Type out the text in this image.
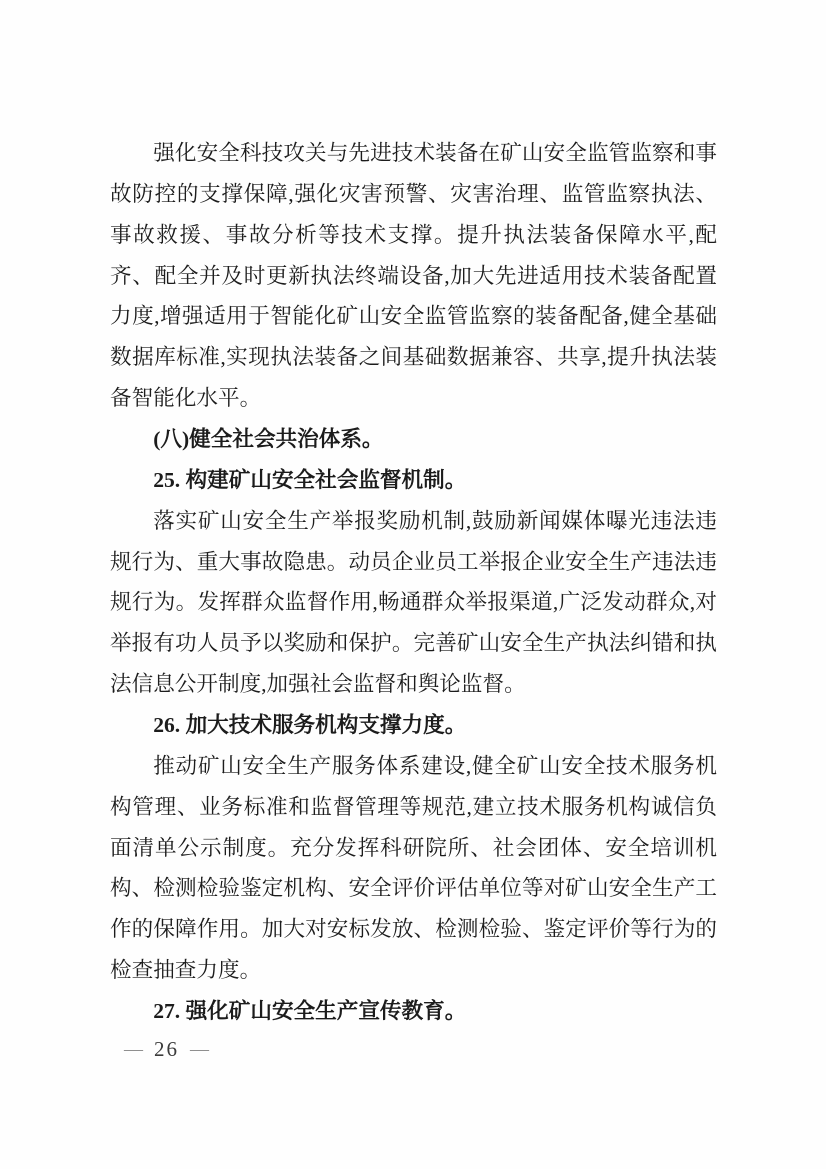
强化安全科技攻关与先进技术装备在矿山安全监管监察和事故防控的支撑保障,强化灾害预警、灾害治理、监管监察执法、事故救援、事故分析等技术支撑。提升执法装备保障水平,配齐、配全并及时更新执法终端设备,加大先进适用技术装备配置力度,增强适用于智能化矿山安全监管监察的装备配备,健全基础数据库标准,实现执法装备之间基础数据兼容、共享,提升执法装备智能化水平。

(八)健全社会共治体系。

25. 构建矿山安全社会监督机制。

落实矿山安全生产举报奖励机制,鼓励新闻媒体曝光违法违规行为、重大事故隐患。动员企业员工举报企业安全生产违法违规行为。发挥群众监督作用,畅通群众举报渠道,广泛发动群众,对举报有功人员予以奖励和保护。完善矿山安全生产执法纠错和执法信息公开制度,加强社会监督和舆论监督。

26. 加大技术服务机构支撑力度。

推动矿山安全生产服务体系建设,健全矿山安全技术服务机构管理、业务标准和监督管理等规范,建立技术服务机构诚信负面清单公示制度。充分发挥科研院所、社会团体、安全培训机构、检测检验鉴定机构、安全评价评估单位等对矿山安全生产工作的保障作用。加大对安标发放、检测检验、鉴定评价等行为的检查抽查力度。

27. 强化矿山安全生产宣传教育。

— 26 —
